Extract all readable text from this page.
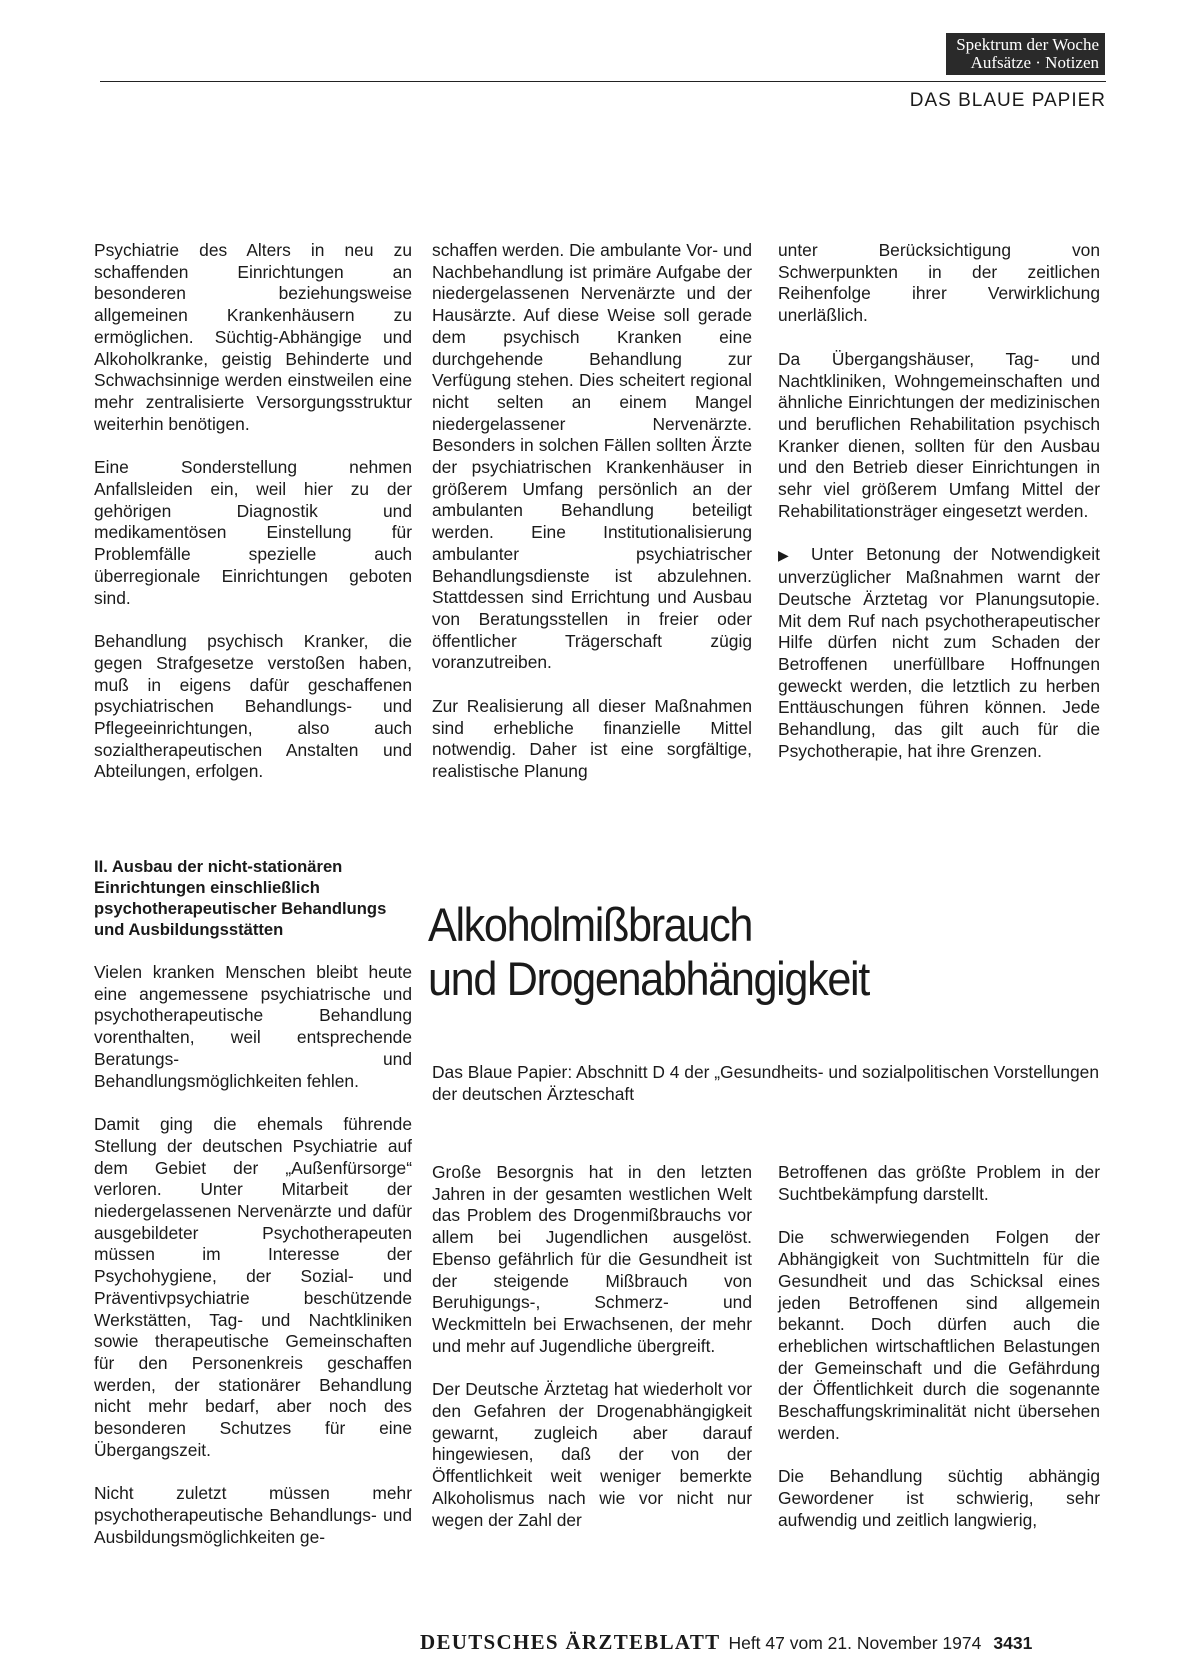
Spektrum der Woche
Aufsätze · Notizen
DAS BLAUE PAPIER

Psychiatrie des Alters in neu zu schaffenden Einrichtungen an besonderen beziehungsweise allgemeinen Krankenhäusern zu ermöglichen. Süchtig-Abhängige und Alkoholkranke, geistig Behinderte und Schwachsinnige werden einstweilen eine mehr zentralisierte Versorgungsstruktur weiterhin benötigen.

Eine Sonderstellung nehmen Anfallsleiden ein, weil hier zu der gehörigen Diagnostik und medikamentösen Einstellung für Problemfälle spezielle auch überregionale Einrichtungen geboten sind.

Behandlung psychisch Kranker, die gegen Strafgesetze verstoßen haben, muß in eigens dafür geschaffenen psychiatrischen Behandlungs- und Pflegeeinrichtungen, also auch sozialtherapeutischen Anstalten und Abteilungen, erfolgen.

schaffen werden. Die ambulante Vor- und Nachbehandlung ist primäre Aufgabe der niedergelassenen Nervenärzte und der Hausärzte. Auf diese Weise soll gerade dem psychisch Kranken eine durchgehende Behandlung zur Verfügung stehen. Dies scheitert regional nicht selten an einem Mangel niedergelassener Nervenärzte. Besonders in solchen Fällen sollten Ärzte der psychiatrischen Krankenhäuser in größerem Umfang persönlich an der ambulanten Behandlung beteiligt werden. Eine Institutionalisierung ambulanter psychiatrischer Behandlungsdienste ist abzulehnen. Stattdessen sind Errichtung und Ausbau von Beratungsstellen in freier oder öffentlicher Trägerschaft zügig voranzutreiben.

Zur Realisierung all dieser Maßnahmen sind erhebliche finanzielle Mittel notwendig. Daher ist eine sorgfältige, realistische Planung

unter Berücksichtigung von Schwerpunkten in der zeitlichen Reihenfolge ihrer Verwirklichung unerläßlich.

Da Übergangshäuser, Tag- und Nachtkliniken, Wohngemeinschaften und ähnliche Einrichtungen der medizinischen und beruflichen Rehabilitation psychisch Kranker dienen, sollten für den Ausbau und den Betrieb dieser Einrichtungen in sehr viel größerem Umfang Mittel der Rehabilitationsträger eingesetzt werden.

▶ Unter Betonung der Notwendigkeit unverzüglicher Maßnahmen warnt der Deutsche Ärztetag vor Planungsutopie. Mit dem Ruf nach psychotherapeutischer Hilfe dürfen nicht zum Schaden der Betroffenen unerfüllbare Hoffnungen geweckt werden, die letztlich zu herben Enttäuschungen führen können. Jede Behandlung, das gilt auch für die Psychotherapie, hat ihre Grenzen.

II. Ausbau der nicht-stationären Einrichtungen einschließlich psychotherapeutischer Behandlungs und Ausbildungsstätten

Vielen kranken Menschen bleibt heute eine angemessene psychiatrische und psychotherapeutische Behandlung vorenthalten, weil entsprechende Beratungs- und Behandlungsmöglichkeiten fehlen.

Damit ging die ehemals führende Stellung der deutschen Psychiatrie auf dem Gebiet der „Außenfürsorge“ verloren. Unter Mitarbeit der niedergelassenen Nervenärzte und dafür ausgebildeter Psychotherapeuten müssen im Interesse der Psychohygiene, der Sozial- und Präventivpsychiatrie beschützende Werkstätten, Tag- und Nachtkliniken sowie therapeutische Gemeinschaften für den Personenkreis geschaffen werden, der stationärer Behandlung nicht mehr bedarf, aber noch des besonderen Schutzes für eine Übergangszeit.

Nicht zuletzt müssen mehr psychotherapeutische Behandlungs- und Ausbildungsmöglichkeiten ge-

Alkoholmißbrauch
und Drogenabhängigkeit
Das Blaue Papier: Abschnitt D 4 der „Gesundheits- und sozialpolitischen Vorstellungen der deutschen Ärzteschaft

Große Besorgnis hat in den letzten Jahren in der gesamten westlichen Welt das Problem des Drogenmißbrauchs vor allem bei Jugendlichen ausgelöst. Ebenso gefährlich für die Gesundheit ist der steigende Mißbrauch von Beruhigungs-, Schmerz- und Weckmitteln bei Erwachsenen, der mehr und mehr auf Jugendliche übergreift.

Der Deutsche Ärztetag hat wiederholt vor den Gefahren der Drogenabhängigkeit gewarnt, zugleich aber darauf hingewiesen, daß der von der Öffentlichkeit weit weniger bemerkte Alkoholismus nach wie vor nicht nur wegen der Zahl der

Betroffenen das größte Problem in der Suchtbekämpfung darstellt.

Die schwerwiegenden Folgen der Abhängigkeit von Suchtmitteln für die Gesundheit und das Schicksal eines jeden Betroffenen sind allgemein bekannt. Doch dürfen auch die erheblichen wirtschaftlichen Belastungen der Gemeinschaft und die Gefährdung der Öffentlichkeit durch die sogenannte Beschaffungskriminalität nicht übersehen werden.

Die Behandlung süchtig abhängig Gewordener ist schwierig, sehr aufwendig und zeitlich langwierig,

DEUTSCHES ÄRZTEBLATT Heft 47 vom 21. November 1974 3431
